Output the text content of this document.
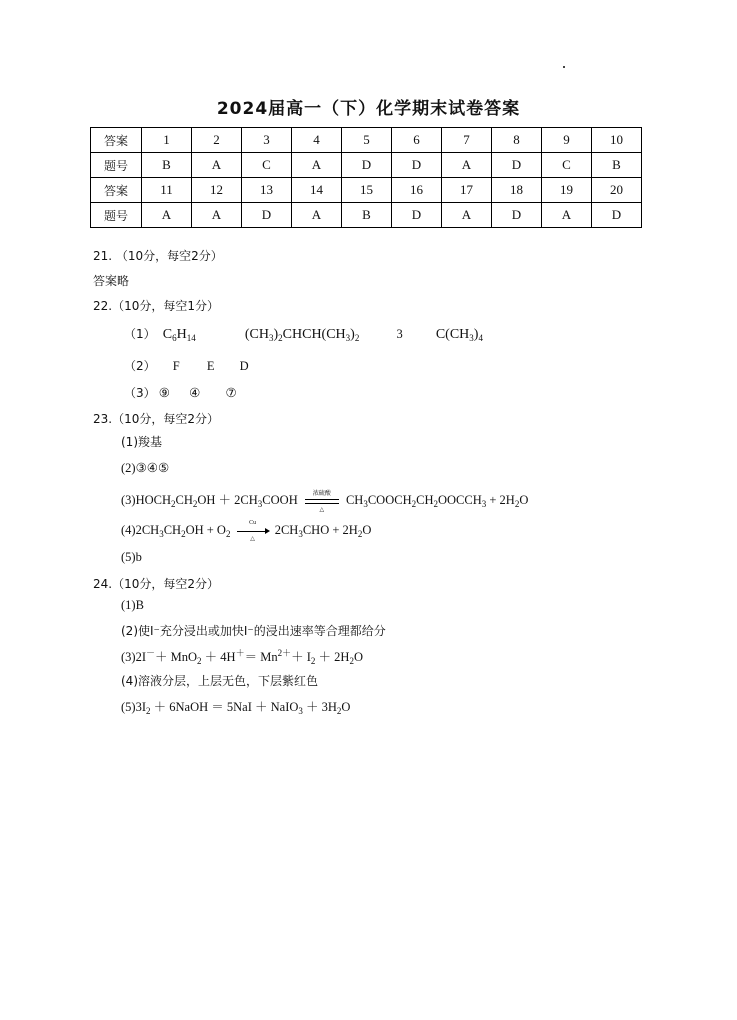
2024届高一（下）化学期末试卷答案
答案	1	2	3	4	5	6	7	8	9	10
题号	B	A	C	A	D	D	A	D	C	B
答案	11	12	13	14	15	16	17	18	19	20
题号	A	A	D	A	B	D	A	D	A	D
21. （10分，每空2分）
答案略
22.（10分，每空1分）
（1） $C_6H_{14}$	$(CH_3)_2CHCH(CH_3)_2$	3 $C(CH_3)_4$
（2） F E D
（3） ⑨ ④ ⑦
23.（10分，每空2分）
(1)羧基
(2)③④⑤
$(3)HOCH_2CH_2OH$ ＋ $2CH_3COOH$	浓硫酸
△
$CH_3COOCH_2CH_2OOCCH_3 + 2H_2O$
$(4)2CH_3CH_2OH + O_2$
Cu
△
$2CH_3CHO + 2H_2O$
(5)b
24.（10分，每空2分）
(1)B
(2)使I⁻充分浸出或加快I⁻的浸出速率等合理都给分
$(3)2I^-+ MnO_2 + 4H^+= Mn^{2+}+ I_2 + 2H_2O$
(4)溶液分层，上层无色，下层紫红色
$(5)3I_2$ ＋ 6NaOH ＝ 5NaI ＋ NaIO$_3$ ＋ $3H_2O$
